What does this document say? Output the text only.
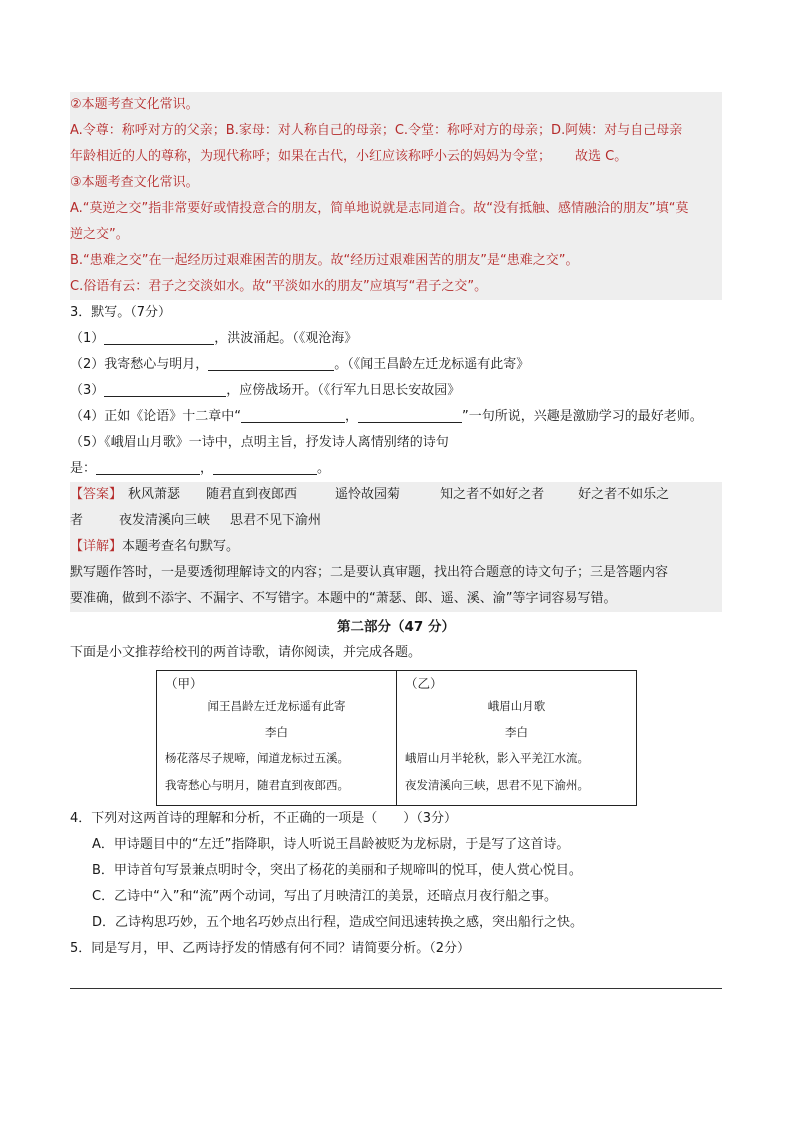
②本题考查文化常识。
A.令尊：称呼对方的父亲；B.家母：对人称自己的母亲；C.令堂：称呼对方的母亲；D.阿姨：对与自己母亲
年龄相近的人的尊称，为现代称呼；如果在古代，小红应该称呼小云的妈妈为令堂； 故选 C。
③本题考查文化常识。
A.“莫逆之交”指非常要好或情投意合的朋友，简单地说就是志同道合。故“没有抵触、感情融洽的朋友”填“莫
逆之交”。
B.“患难之交”在一起经历过艰难困苦的朋友。故“经历过艰难困苦的朋友”是“患难之交”。
C.俗语有云：君子之交淡如水。故“平淡如水的朋友”应填写“君子之交”。
3．默写。（7分）
（1）	，洪波涌起。（《观沧海》
（2）我寄愁心与明月，	。（《闻王昌龄左迁龙标遥有此寄》
（3）	，应傍战场开。（《行军九日思长安故园》
（4）正如《论语》十二章中“	，	”一句所说，兴趣是激励学习的最好老师。
（5）《峨眉山月歌》一诗中，点明主旨，抒发诗人离情别绪的诗句
是：	，	。
【答案】 秋风萧瑟 随君直到夜郎西	遥怜故园菊	知之者不如好之者	好之者不如乐之
者	夜发清溪向三峡 思君不见下渝州
【详解】本题考查名句默写。
默写题作答时，一是要透彻理解诗文的内容；二是要认真审题，找出符合题意的诗文句子；三是答题内容
要准确，做到不添字、不漏字、不写错字。本题中的“萧瑟、郎、遥、溪、渝”等字词容易写错。
第二部分（47 分）
下面是小文推荐给校刊的两首诗歌，请你阅读，并完成各题。
（甲）
闻王昌龄左迁龙标遥有此寄
李白
杨花落尽子规啼，闻道龙标过五溪。
我寄愁心与明月，随君直到夜郎西。

（乙）
峨眉山月歌
李白
峨眉山月半轮秋，影入平羌江水流。
夜发清溪向三峡，思君不见下渝州。
4．下列对这两首诗的理解和分析，不正确的一项是（　　）（3分）
A．甲诗题目中的“左迁”指降职，诗人听说王昌龄被贬为龙标尉，于是写了这首诗。
B．甲诗首句写景兼点明时令，突出了杨花的美丽和子规啼叫的悦耳，使人赏心悦目。
C．乙诗中“入”和“流”两个动词，写出了月映清江的美景，还暗点月夜行船之事。
D．乙诗构思巧妙，五个地名巧妙点出行程，造成空间迅速转换之感，突出船行之快。
5．同是写月，甲、乙两诗抒发的情感有何不同？请简要分析。（2分）
